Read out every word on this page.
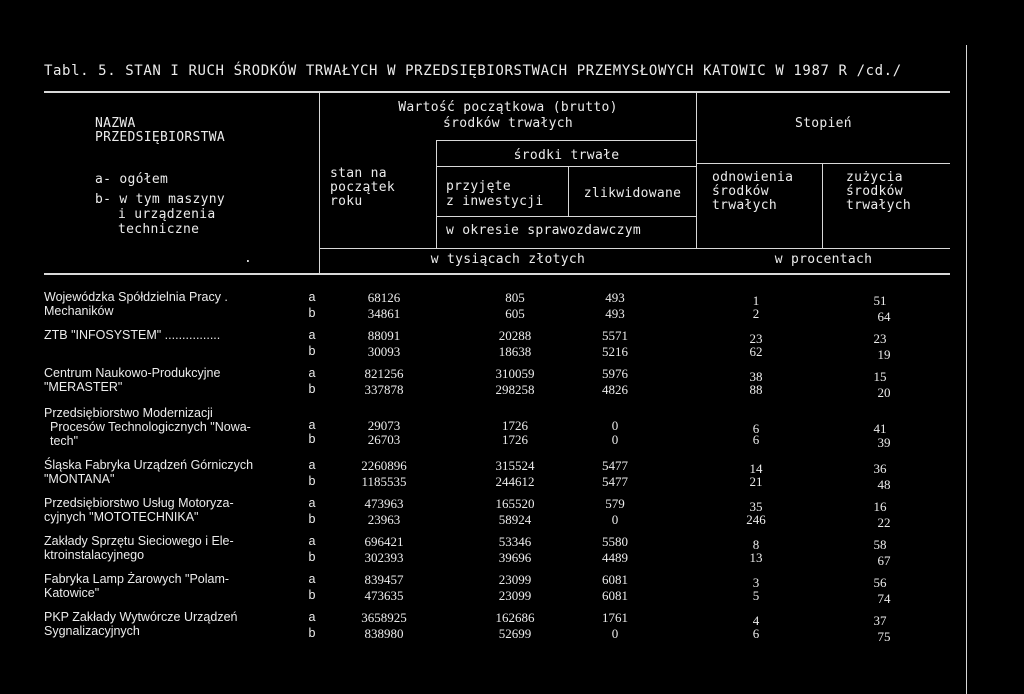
Tabl. 5. STAN I RUCH ŚRODKÓW TRWAŁYCH W PRZEDSIĘBIORSTWACH PRZEMYSŁOWYCH KATOWIC W 1987 R /cd./
NAZWA
PRZEDSIĘBIORSTWA
a- ogółem
b- w tym maszyny
i urządzenia
techniczne
.
Wartość początkowa (brutto)
środków trwałych
stan na
początek
roku
środki trwałe
przyjęte
z inwestycji
zlikwidowane
w okresie sprawozdawczym
Stopień
odnowienia
środków
trwałych
zużycia
środków
trwałych
w tysiącach złotych	w procentach
Wojewódzka Spółdzielnia Pracy .
Mechaników
a	68126	805	493	1	51
b	34861	605	493	2	64
ZTB "INFOSYSTEM" ................	a	88091	20288	5571	23	23
b	30093	18638	5216	62	19
Centrum Naukowo-Produkcyjne
"MERASTER"
a	821256	310059	5976	38	15
b	337878	298258	4826	88	20
Przedsiębiorstwo Modernizacji
Procesów Technologicznych "Nowa-
tech"
a	29073	1726	0	6	41
b	26703	1726	0	6	39
Śląska Fabryka Urządzeń Górniczych
"MONTANA"
a	2260896	315524	5477	14	36
b	1185535	244612	5477	21	48
Przedsiębiorstwo Usług Motoryza-
cyjnych "MOTOTECHNIKA"
a	473963	165520	579	35	16
b	23963	58924	0	246	22
Zakłady Sprzętu Sieciowego i Ele-
ktroinstalacyjnego
a	696421	53346	5580	8	58
b	302393	39696	4489	13	67
Fabryka Lamp Żarowych "Polam-
Katowice"
a	839457	23099	6081	3	56
b	473635	23099	6081	5	74
PKP Zakłady Wytwórcze Urządzeń
Sygnalizacyjnych
a	3658925	162686	1761	4	37
b	838980	52699	0	6	75
